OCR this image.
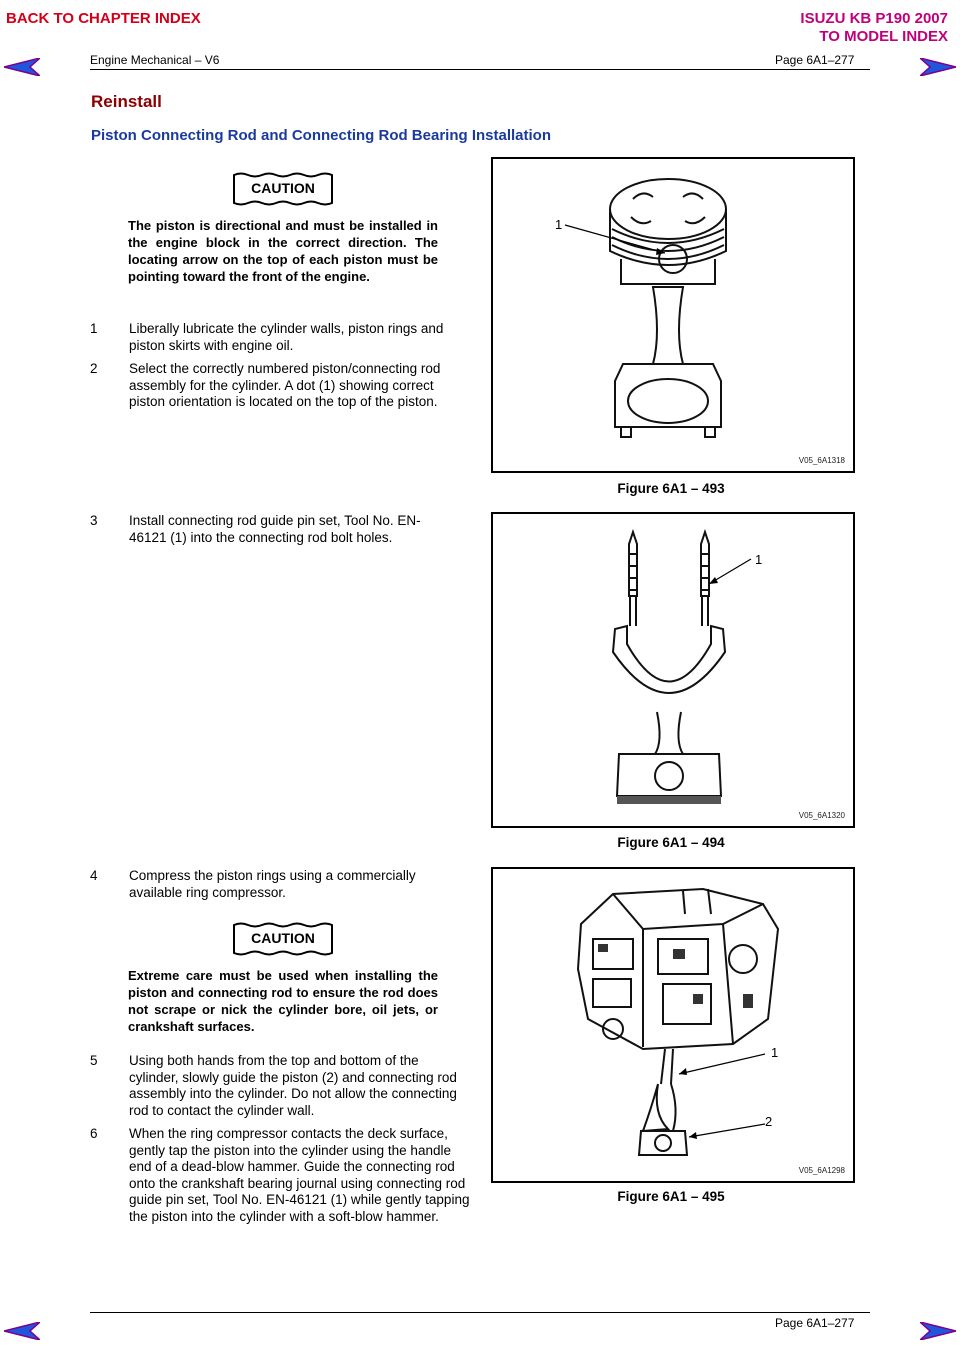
BACK TO CHAPTER INDEX	ISUZU KB P190 2007
TO MODEL INDEX
Engine Mechanical – V6	Page 6A1–277
Reinstall
Piston Connecting Rod and Connecting Rod Bearing Installation
CAUTION
The piston is directional and must be installed in the engine block in the correct direction. The locating arrow on the top of each piston must be pointing toward the front of the engine.
1 Liberally lubricate the cylinder walls, piston rings and piston skirts with engine oil.
2 Select the correctly numbered piston/connecting rod assembly for the cylinder. A dot (1) showing correct piston orientation is located on the top of the piston.
1
V05_6A1318
Figure 6A1 – 493
3 Install connecting rod guide pin set, Tool No. EN-46121 (1) into the connecting rod bolt holes.
1
V05_6A1320
Figure 6A1 – 494
4 Compress the piston rings using a commercially available ring compressor.
CAUTION
Extreme care must be used when installing the piston and connecting rod to ensure the rod does not scrape or nick the cylinder bore, oil jets, or crankshaft surfaces.
5 Using both hands from the top and bottom of the cylinder, slowly guide the piston (2) and connecting rod assembly into the cylinder. Do not allow the connecting rod to contact the cylinder wall.
6 When the ring compressor contacts the deck surface, gently tap the piston into the cylinder using the handle end of a dead-blow hammer. Guide the connecting rod onto the crankshaft bearing journal using connecting rod guide pin set, Tool No. EN-46121 (1) while gently tapping the piston into the cylinder with a soft-blow hammer.
1
2
V05_6A1298
Figure 6A1 – 495
Page 6A1–277
